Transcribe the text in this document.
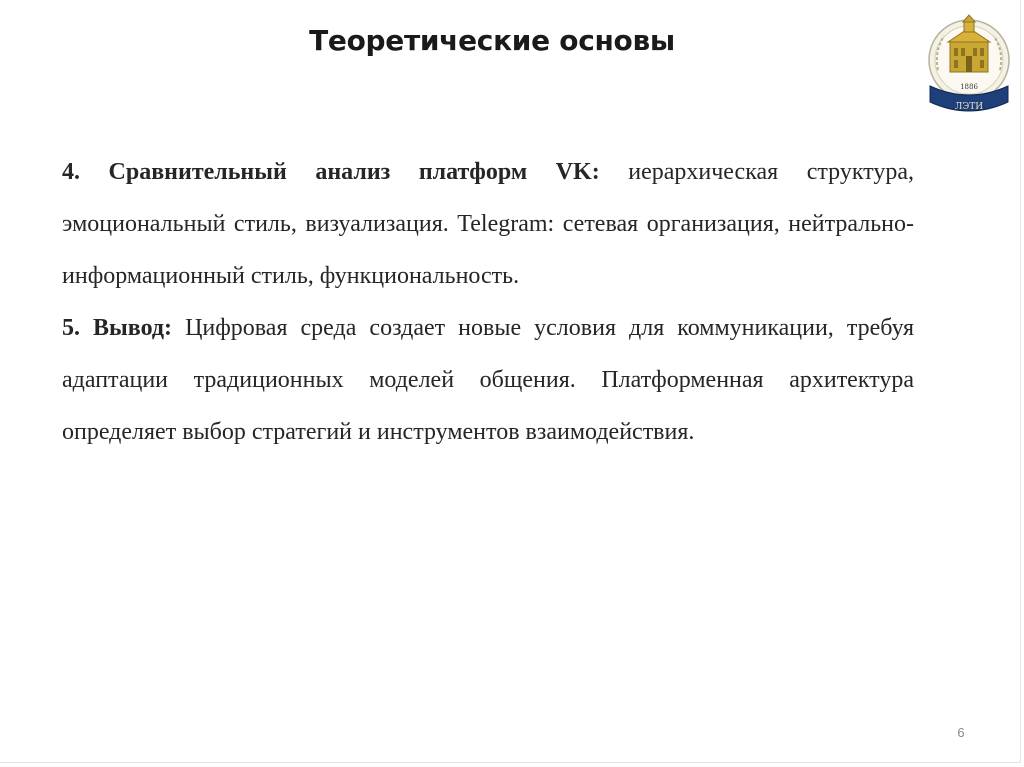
Теоретические основы
1886
ЛЭТИ

4. Сравнительный анализ платформ VK: иерархическая структура, эмоциональный стиль, визуализация. Telegram: сетевая организация, нейтрально-информационный стиль, функциональность.

5. Вывод: Цифровая среда создает новые условия для коммуникации, требуя адаптации традиционных моделей общения. Платформенная архитектура определяет выбор стратегий и инструментов взаимодействия.

6
